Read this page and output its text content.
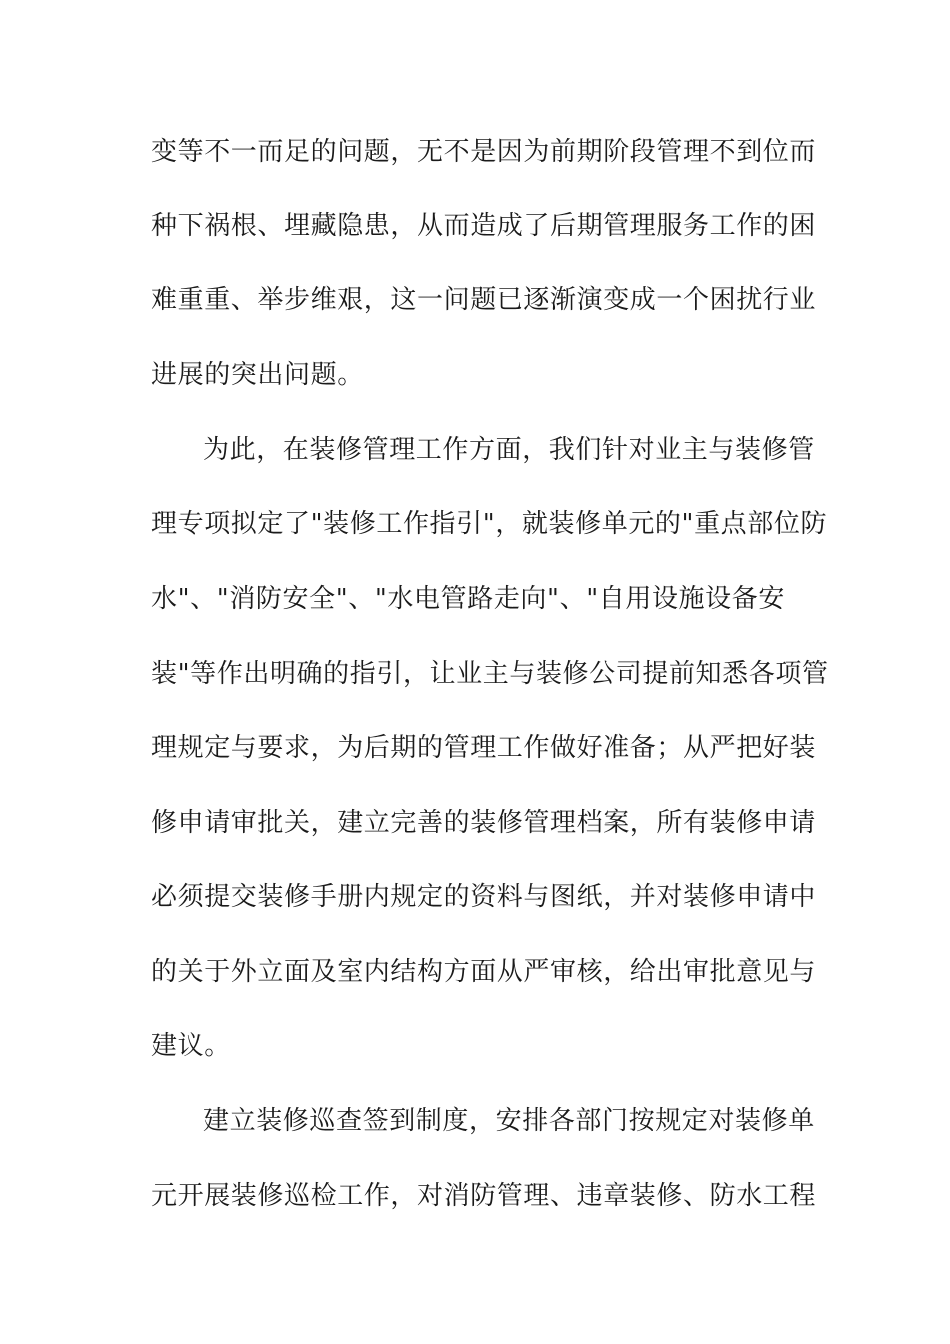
变等不一而足的问题，无不是因为前期阶段管理不到位而
种下祸根、埋藏隐患，从而造成了后期管理服务工作的困
难重重、举步维艰，这一问题已逐渐演变成一个困扰行业
进展的突出问题。
为此，在装修管理工作方面，我们针对业主与装修管
理专项拟定了"装修工作指引"，就装修单元的"重点部位防
水"、"消防安全"、"水电管路走向"、"自用设施设备安
装"等作出明确的指引，让业主与装修公司提前知悉各项管
理规定与要求，为后期的管理工作做好准备；从严把好装
修申请审批关，建立完善的装修管理档案，所有装修申请
必须提交装修手册内规定的资料与图纸，并对装修申请中
的关于外立面及室内结构方面从严审核，给出审批意见与
建议。
建立装修巡查签到制度，安排各部门按规定对装修单
元开展装修巡检工作，对消防管理、违章装修、防水工程
